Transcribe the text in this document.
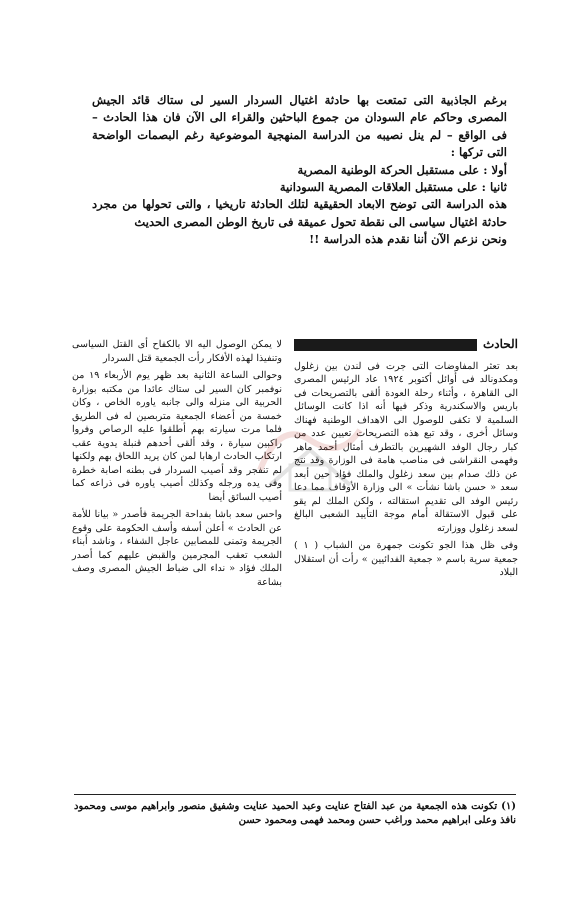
برغم الجاذبية التى تمتعت بها حادثة اغتيال السردار السير لى ستاك قائد الجيش المصرى وحاكم عام السودان من جموع الباحثين والقراء الى الآن فان هذا الحادث – فى الواقع – لم ينل نصيبه من الدراسة المنهجية الموضوعية رغم البصمات الواضحة التى تركها :

أولا : على مستقبل الحركة الوطنية المصرية

ثانيا : على مستقبل العلاقات المصرية السودانية

هذه الدراسة التى توضح الابعاد الحقيقية لتلك الحادثة تاريخيا ، والتى تحولها من مجرد حادثة اغتيال سياسى الى نقطة تحول عميقة فى تاريخ الوطن المصرى الحديث

ونحن نزعم الآن أننا نقدم هذه الدراسة !!

الحادث

بعد تعثر المفاوضات التى جرت فى لندن بين زغلول ومكدونالد فى أوائل أكتوبر ١٩٢٤ عاد الرئيس المصرى الى القاهرة ، وأثناء رحلة العودة ألقى بالتصريحات فى باريس والاسكندرية وذكر فيها أنه اذا كانت الوسائل السلمية لا تكفى للوصول الى الاهداف الوطنية فهناك وسائل أخرى ، وقد تبع هذه التصريحات تعيين عدد من كبار رجال الوفد الشهيرين بالتطرف أمثال أحمد ماهر وفهمى النقراشى فى مناصب هامة فى الوزارة وقد نتج عن ذلك صدام بين سعد زغلول والملك فؤاد حين أبعد سعد « حسن باشا نشأت » الى وزارة الأوقاف مما دعا رئيس الوفد الى تقديم استقالته ، ولكن الملك لم يقو على قبول الاستقالة أمام موجة التأييد الشعبى البالغ لسعد زغلول ووزارته

وفى ظل هذا الجو تكونت جمهرة من الشباب ( ١ ) جمعية سرية باسم « جمعية الفدائيين » رأت أن استقلال البلاد

لا يمكن الوصول اليه الا بالكفاح أى القتل السياسى وتنفيذا لهذه الأفكار رأت الجمعية قتل السردار

وحوالى الساعة الثانية بعد ظهر يوم الأربعاء ١٩ من نوفمبر كان السير لى ستاك عائدا من مكتبه بوزارة الحربية الى منزله والى جانبه ياوره الخاص ، وكان خمسة من أعضاء الجمعية متربصين له فى الطريق فلما مرت سيارته بهم أطلقوا عليه الرصاص وفروا راكبين سيارة ، وقد ألقى أحدهم قنبلة يدوية عقب ارتكاب الحادث ارهابا لمن كان يريد اللحاق بهم ولكنها لم تنفجر وقد أصيب السردار فى بطنه اصابة خطرة وفى يده ورجله وكذلك أصيب ياوره فى ذراعه كما أصيب السائق أيضا

واحس سعد باشا بفداحة الجريمة فأصدر « بيانا للأمة عن الحادث » أعلن أسفه وأسف الحكومة على وقوع الجريمة وتمنى للمصابين عاجل الشفاء ، وناشد أبناء الشعب تعقب المجرمين والقبض عليهم كما أصدر الملك فؤاد « نداء الى ضباط الجيش المصرى وصف بشاعة

(١) تكونت هذه الجمعية من عبد الفتاح عنايت وعبد الحميد عنايت وشفيق منصور وابراهيم موسى ومحمود نافذ وعلى ابراهيم محمد وراغب حسن ومحمد فهمى ومحمود حسن
